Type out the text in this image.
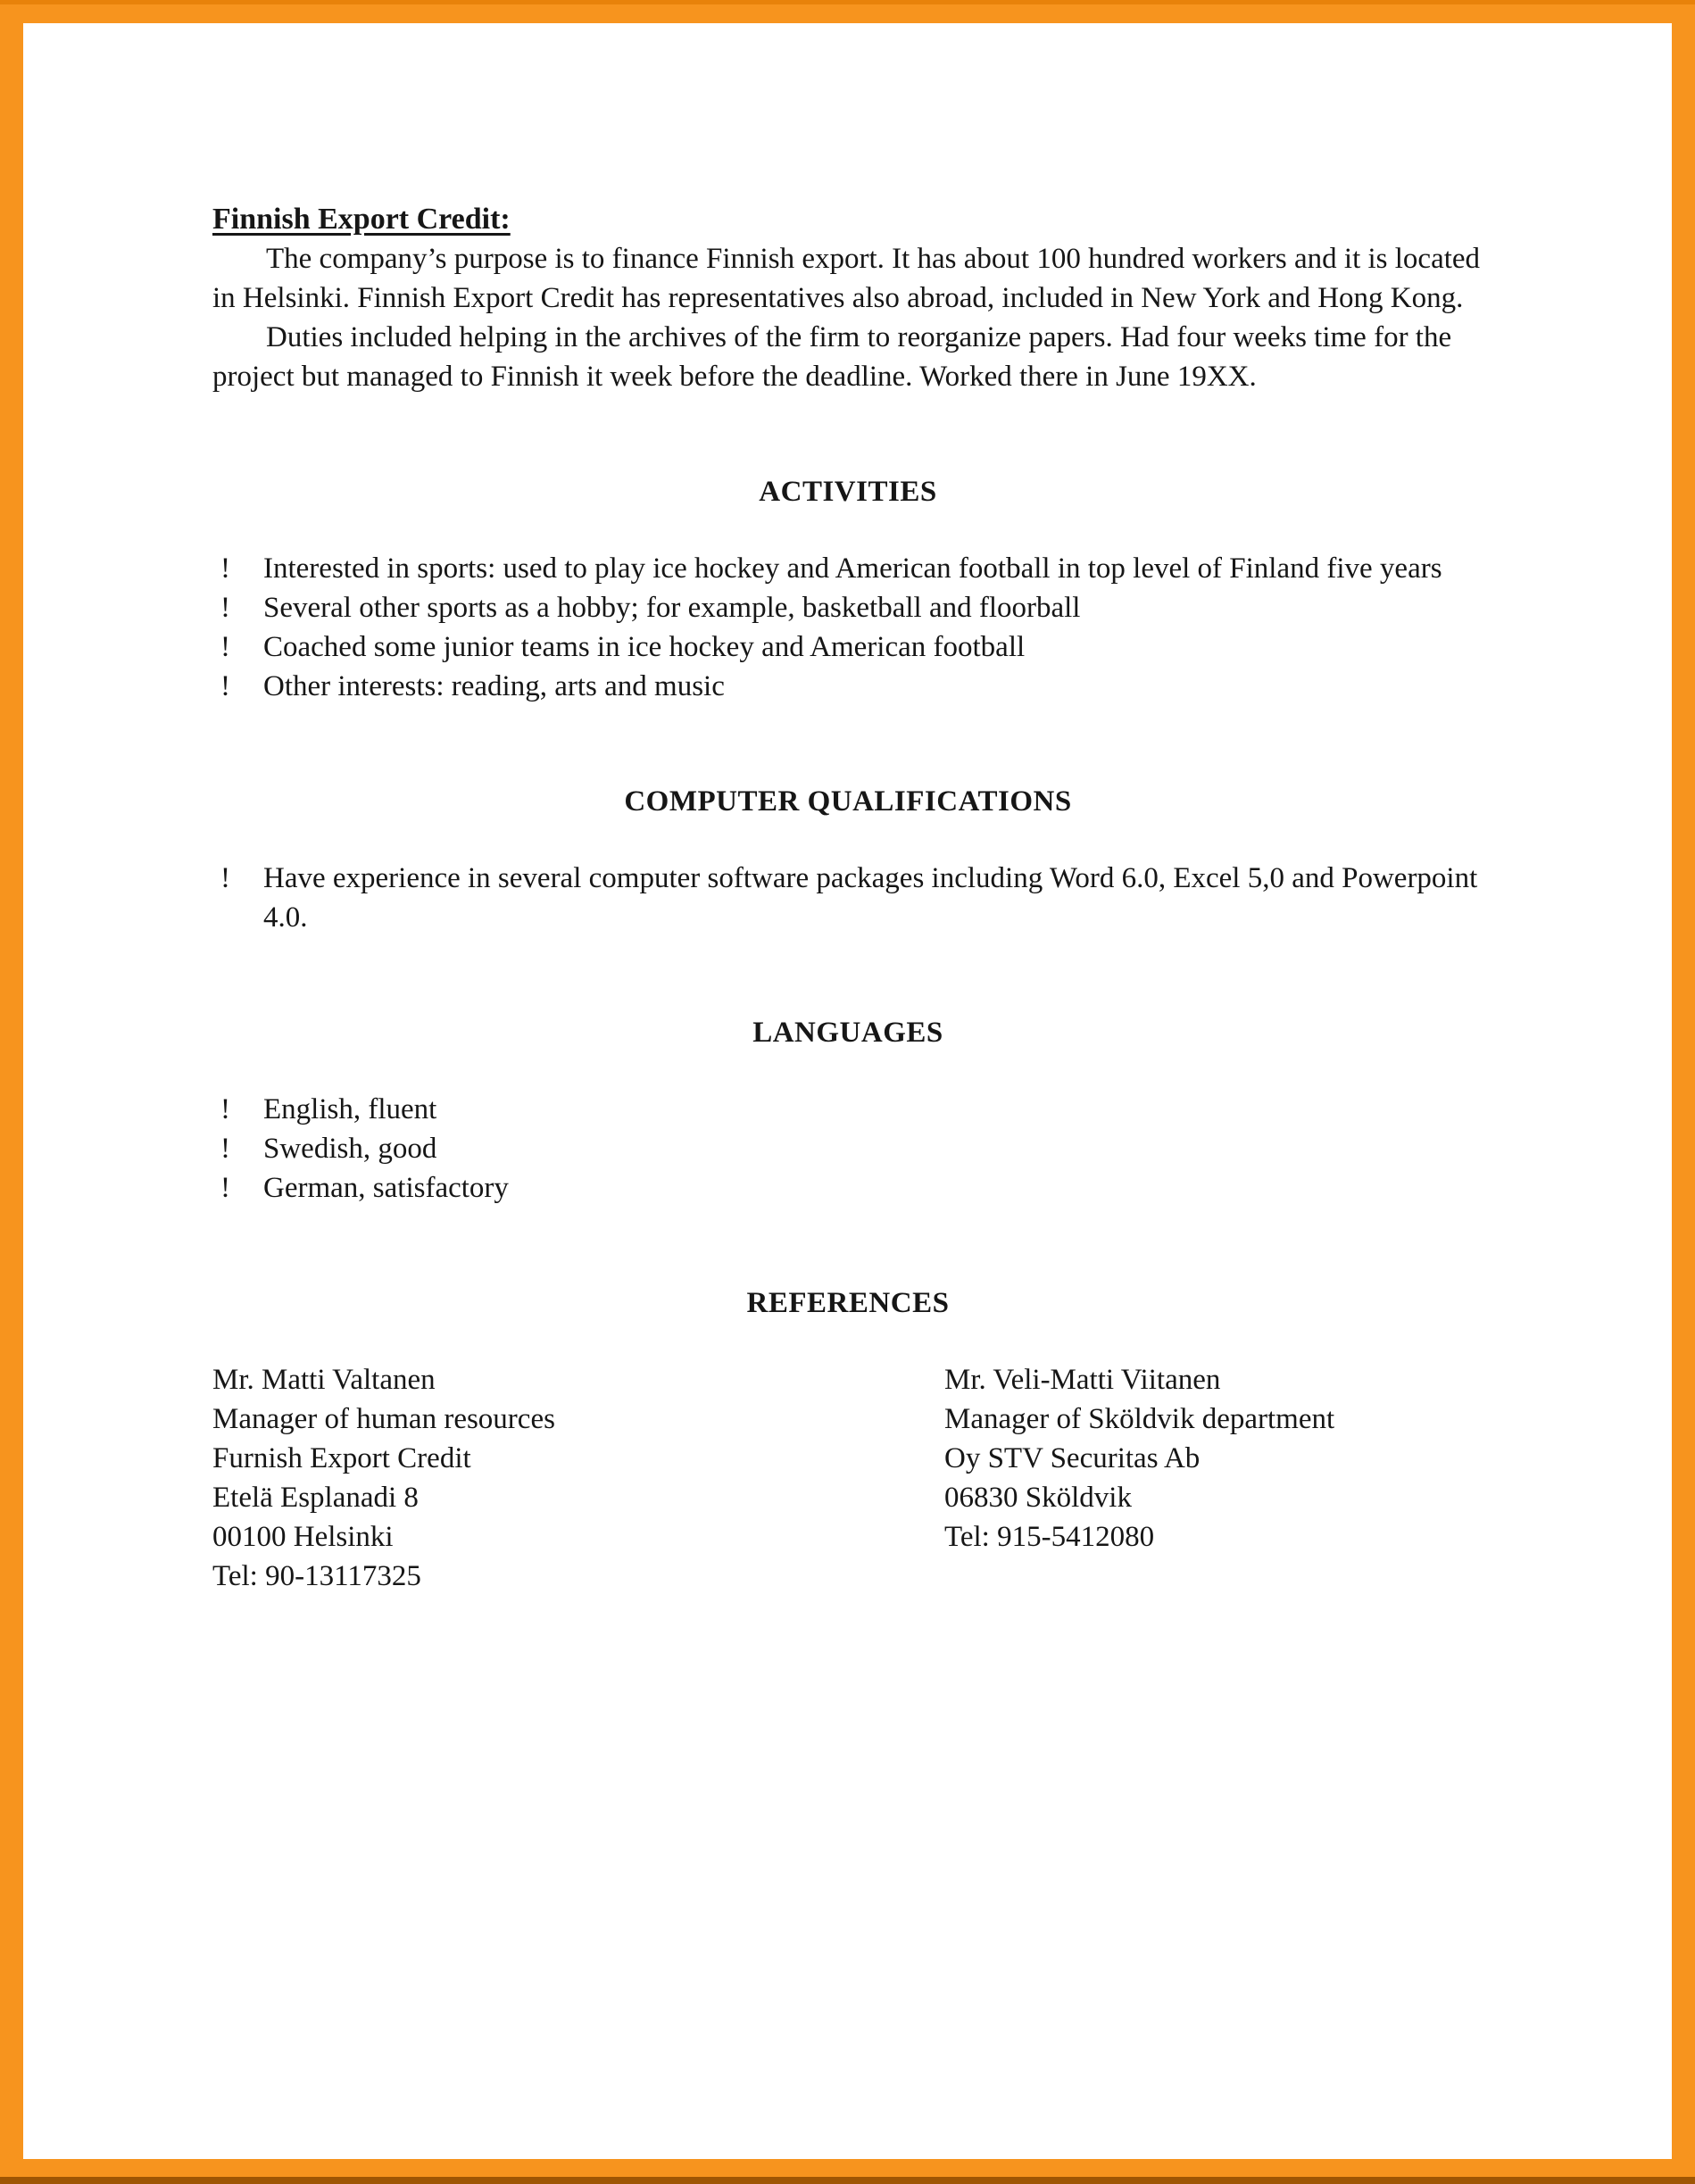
Finnish Export Credit:

The company’s purpose is to finance Finnish export. It has about 100 hundred workers and it is located in Helsinki. Finnish Export Credit has representatives also abroad, included in New York and Hong Kong.

Duties included helping in the archives of the firm to reorganize papers. Had four weeks time for the project but managed to Finnish it week before the deadline. Worked there in June 19XX.

ACTIVITIES
! Interested in sports: used to play ice hockey and American football in top level of Finland five years
! Several other sports as a hobby; for example, basketball and floorball
! Coached some junior teams in ice hockey and American football
! Other interests: reading, arts and music
COMPUTER QUALIFICATIONS
! Have experience in several computer software packages including Word 6.0, Excel 5,0 and Powerpoint 4.0.
LANGUAGES
! English, fluent
! Swedish, good
! German, satisfactory
REFERENCES
Mr. Matti Valtanen
Manager of human resources
Furnish Export Credit
Etelä Esplanadi 8
00100 Helsinki
Tel: 90-13117325
Mr. Veli-Matti Viitanen
Manager of Sköldvik department
Oy STV Securitas Ab
06830 Sköldvik
Tel: 915-5412080
